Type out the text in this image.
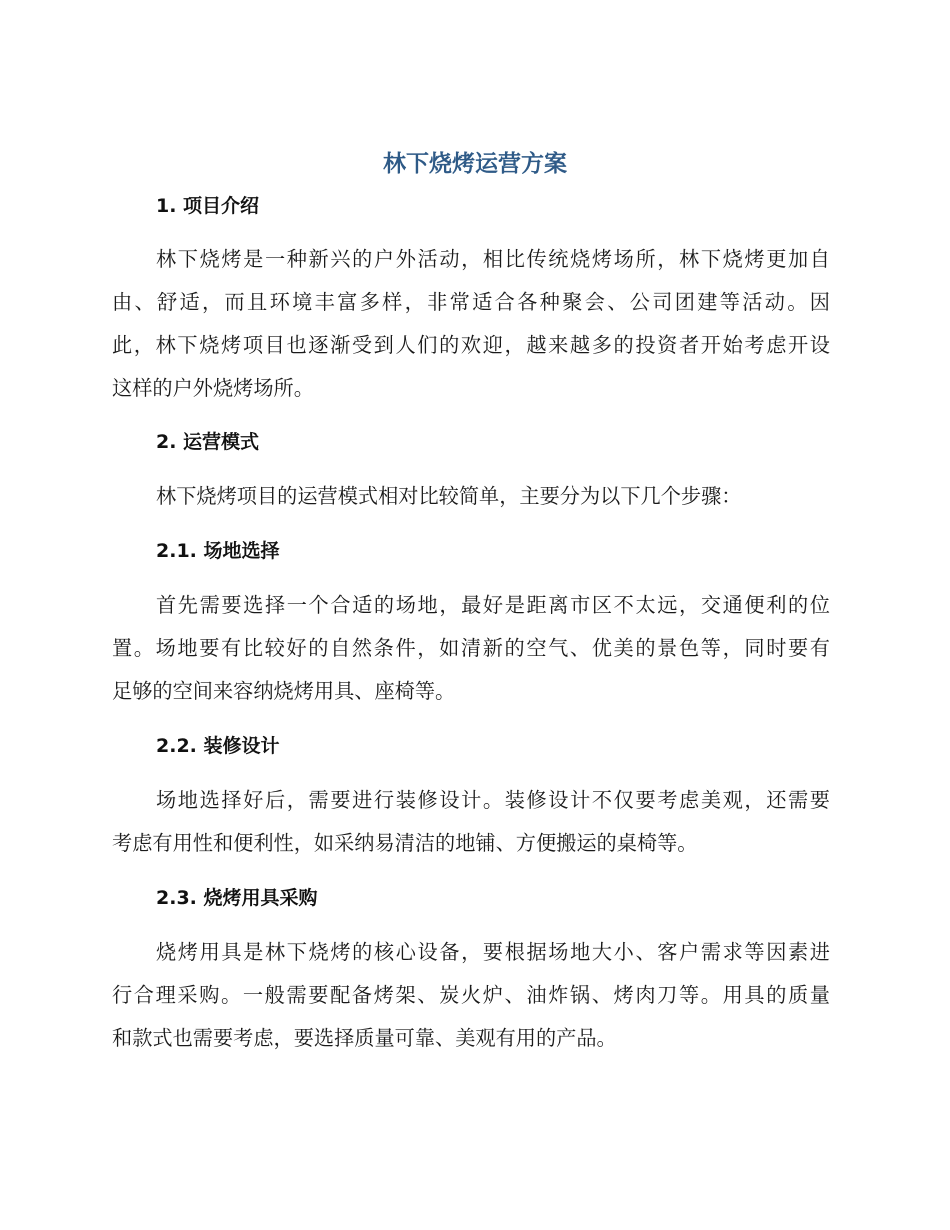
林下烧烤运营方案
1. 项目介绍

林下烧烤是一种新兴的户外活动，相比传统烧烤场所，林下烧烤更加自
由、舒适，而且环境丰富多样，非常适合各种聚会、公司团建等活动。因
此，林下烧烤项目也逐渐受到人们的欢迎，越来越多的投资者开始考虑开设
这样的户外烧烤场所。

2. 运营模式

林下烧烤项目的运营模式相对比较简单，主要分为以下几个步骤：

2.1. 场地选择

首先需要选择一个合适的场地，最好是距离市区不太远，交通便利的位
置。场地要有比较好的自然条件，如清新的空气、优美的景色等，同时要有
足够的空间来容纳烧烤用具、座椅等。

2.2. 装修设计

场地选择好后，需要进行装修设计。装修设计不仅要考虑美观，还需要
考虑有用性和便利性，如采纳易清洁的地铺、方便搬运的桌椅等。

2.3. 烧烤用具采购

烧烤用具是林下烧烤的核心设备，要根据场地大小、客户需求等因素进
行合理采购。一般需要配备烤架、炭火炉、油炸锅、烤肉刀等。用具的质量
和款式也需要考虑，要选择质量可靠、美观有用的产品。
